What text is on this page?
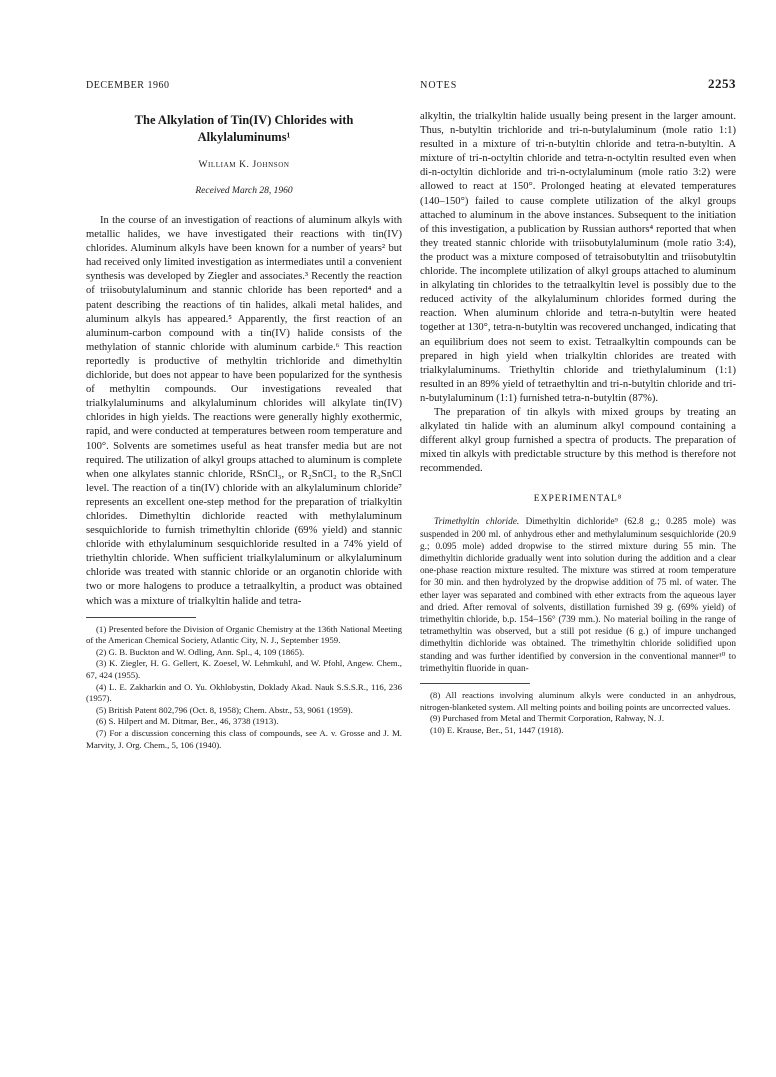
DECEMBER 1960	NOTES	2253
The Alkylation of Tin(IV) Chlorides with
Alkylaluminums¹
William K. Johnson
Received March 28, 1960

In the course of an investigation of reactions of aluminum alkyls with metallic halides, we have investigated their reactions with tin(IV) chlorides. Aluminum alkyls have been known for a number of years² but had received only limited investigation as intermediates until a convenient synthesis was developed by Ziegler and associates.³ Recently the reaction of triisobutylaluminum and stannic chloride has been reported⁴ and a patent describing the reactions of tin halides, alkali metal halides, and aluminum alkyls has appeared.⁵ Apparently, the first reaction of an aluminum-carbon compound with a tin(IV) halide consists of the methylation of stannic chloride with aluminum carbide.⁶ This reaction reportedly is productive of methyltin trichloride and dimethyltin dichloride, but does not appear to have been popularized for the synthesis of methyltin compounds. Our investigations revealed that trialkylaluminums and alkylaluminum chlorides will alkylate tin(IV) chlorides in high yields. The reactions were generally highly exothermic, rapid, and were conducted at temperatures between room temperature and 100°. Solvents are sometimes useful as heat transfer media but are not required. The utilization of alkyl groups attached to aluminum is complete when one alkylates stannic chloride, RSnCl₃, or R₂SnCl₂ to the R₃SnCl level. The reaction of a tin(IV) chloride with an alkylaluminum chloride⁷ represents an excellent one-step method for the preparation of trialkyltin chlorides. Dimethyltin dichloride reacted with methylaluminum sesquichloride to furnish trimethyltin chloride (69% yield) and stannic chloride with ethylaluminum sesquichloride resulted in a 74% yield of triethyltin chloride. When sufficient trialkylaluminum or alkylaluminum chloride was treated with stannic chloride or an organotin chloride with two or more halogens to produce a tetraalkyltin, a product was obtained which was a mixture of trialkyltin halide and tetra-

(1) Presented before the Division of Organic Chemistry at the 136th National Meeting of the American Chemical Society, Atlantic City, N. J., September 1959.

(2) G. B. Buckton and W. Odling, Ann. Spl., 4, 109 (1865).

(3) K. Ziegler, H. G. Gellert, K. Zoesel, W. Lehmkuhl, and W. Pfohl, Angew. Chem., 67, 424 (1955).

(4) L. E. Zakharkin and O. Yu. Okhlobystin, Doklady Akad. Nauk S.S.S.R., 116, 236 (1957).

(5) British Patent 802,796 (Oct. 8, 1958); Chem. Abstr., 53, 9061 (1959).

(6) S. Hilpert and M. Ditmar, Ber., 46, 3738 (1913).

(7) For a discussion concerning this class of compounds, see A. v. Grosse and J. M. Marvity, J. Org. Chem., 5, 106 (1940).

alkyltin, the trialkyltin halide usually being present in the larger amount. Thus, n-butyltin trichloride and tri-n-butylaluminum (mole ratio 1:1) resulted in a mixture of tri-n-butyltin chloride and tetra-n-butyltin. A mixture of tri-n-octyltin chloride and tetra-n-octyltin resulted even when di-n-octyltin dichloride and tri-n-octylaluminum (mole ratio 3:2) were allowed to react at 150°. Prolonged heating at elevated temperatures (140–150°) failed to cause complete utilization of the alkyl groups attached to aluminum in the above instances. Subsequent to the initiation of this investigation, a publication by Russian authors⁴ reported that when they treated stannic chloride with triisobutylaluminum (mole ratio 3:4), the product was a mixture composed of tetraisobutyltin and triisobutyltin chloride. The incomplete utilization of alkyl groups attached to aluminum in alkylating tin chlorides to the tetraalkyltin level is possibly due to the reduced activity of the alkylaluminum chlorides formed during the reaction. When aluminum chloride and tetra-n-butyltin were heated together at 130°, tetra-n-butyltin was recovered unchanged, indicating that an equilibrium does not seem to exist. Tetraalkyltin compounds can be prepared in high yield when trialkyltin chlorides are treated with trialkylaluminums. Triethyltin chloride and triethylaluminum (1:1) resulted in an 89% yield of tetraethyltin and tri-n-butyltin chloride and tri-n-butylaluminum (1:1) furnished tetra-n-butyltin (87%).

The preparation of tin alkyls with mixed groups by treating an alkylated tin halide with an aluminum alkyl compound containing a different alkyl group furnished a spectra of products. The preparation of mixed tin alkyls with predictable structure by this method is therefore not recommended.

EXPERIMENTAL⁸

Trimethyltin chloride. Dimethyltin dichloride⁹ (62.8 g.; 0.285 mole) was suspended in 200 ml. of anhydrous ether and methylaluminum sesquichloride (20.9 g.; 0.095 mole) added dropwise to the stirred mixture during 55 min. The dimethyltin dichloride gradually went into solution during the addition and a clear one-phase reaction mixture resulted. The mixture was stirred at room temperature for 30 min. and then hydrolyzed by the dropwise addition of 75 ml. of water. The ether layer was separated and combined with ether extracts from the aqueous layer and dried. After removal of solvents, distillation furnished 39 g. (69% yield) of trimethyltin chloride, b.p. 154–156° (739 mm.). No material boiling in the range of tetramethyltin was observed, but a still pot residue (6 g.) of impure unchanged dimethyltin dichloride was obtained. The trimethyltin chloride solidified upon standing and was further identified by conversion in the conventional manner¹⁰ to trimethyltin fluoride in quan-

(8) All reactions involving aluminum alkyls were conducted in an anhydrous, nitrogen-blanketed system. All melting points and boiling points are uncorrected values.

(9) Purchased from Metal and Thermit Corporation, Rahway, N. J.

(10) E. Krause, Ber., 51, 1447 (1918).
